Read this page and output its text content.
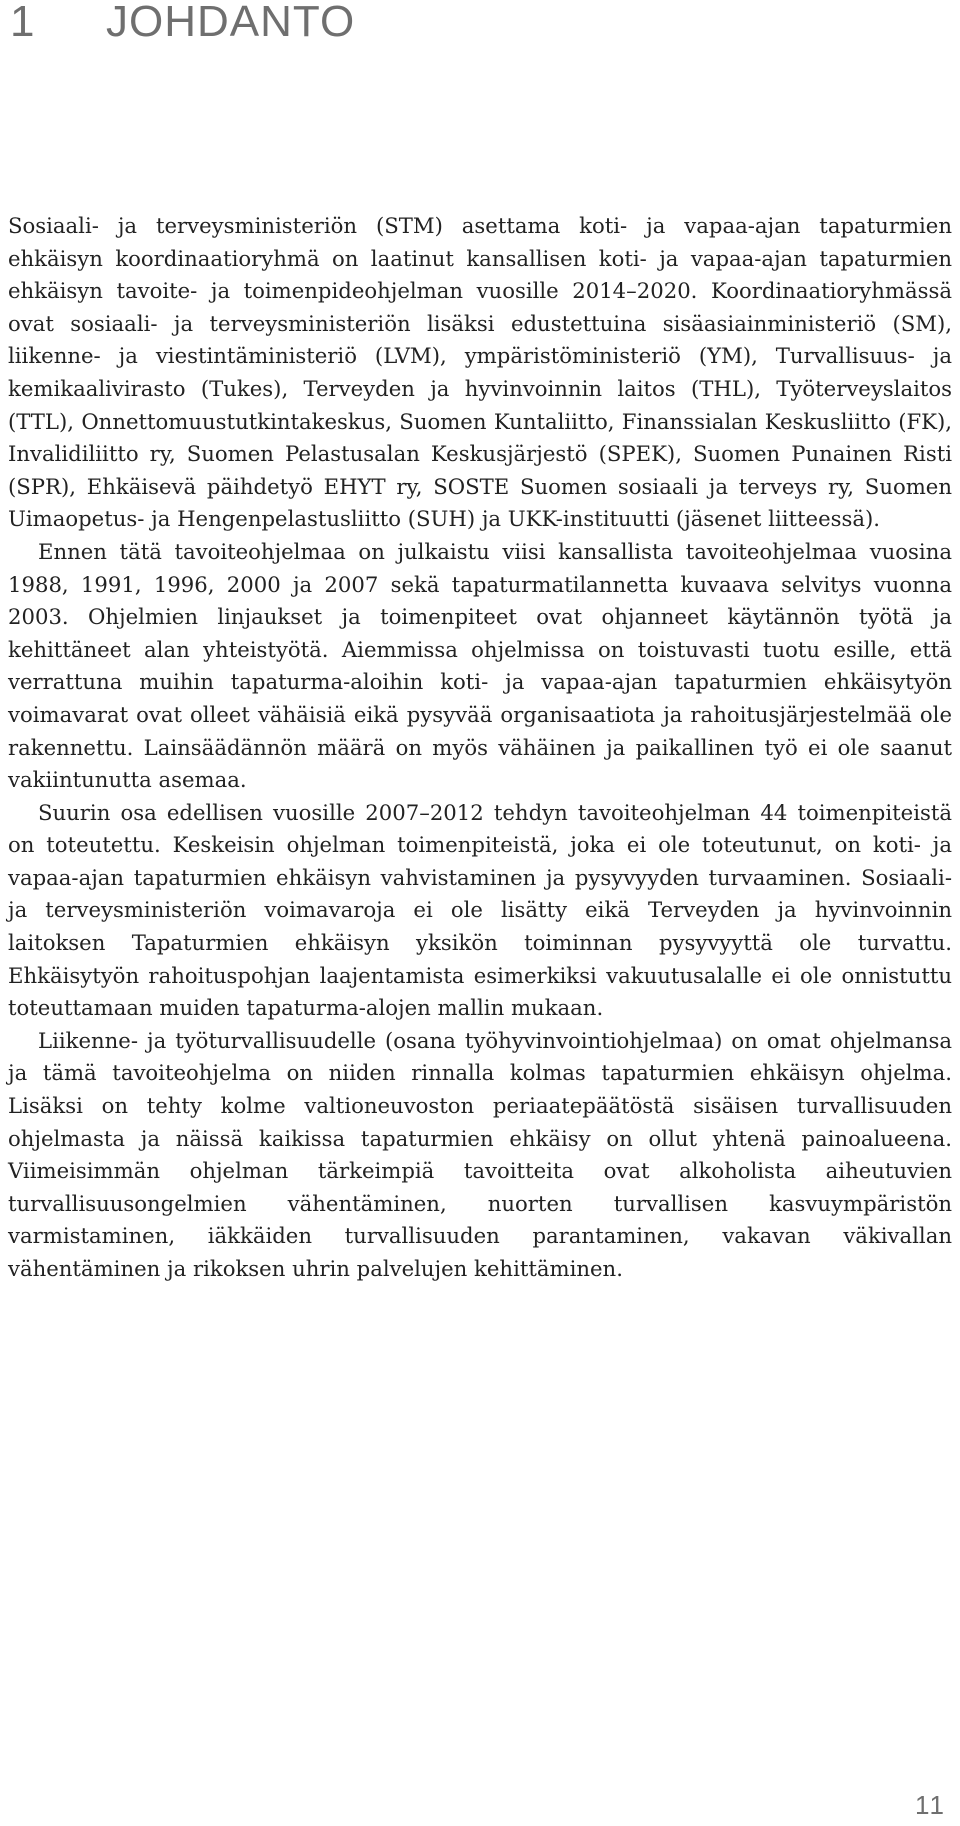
1 JOHDANTO

Sosiaali- ja terveysministeriön (STM) asettama koti- ja vapaa-ajan tapaturmien ehkäisyn koordinaatioryhmä on laatinut kansallisen koti- ja vapaa-ajan tapaturmien ehkäisyn tavoite- ja toimenpideohjelman vuosille 2014–2020. Koordinaatioryhmässä ovat sosiaali- ja terveysministeriön lisäksi edustettuina sisäasiainministeriö (SM), liikenne- ja viestintäministeriö (LVM), ympäristöministeriö (YM), Turvallisuus- ja kemikaalivirasto (Tukes), Terveyden ja hyvinvoinnin laitos (THL), Työterveyslaitos (TTL), Onnettomuustutkintakeskus, Suomen Kuntaliitto, Finanssialan Keskusliitto (FK), Invalidiliitto ry, Suomen Pelastusalan Keskusjärjestö (SPEK), Suomen Punainen Risti (SPR), Ehkäisevä päihdetyö EHYT ry, SOSTE Suomen sosiaali ja terveys ry, Suomen Uimaopetus- ja Hengenpelastusliitto (SUH) ja UKK-instituutti (jäsenet liitteessä).

Ennen tätä tavoiteohjelmaa on julkaistu viisi kansallista tavoiteohjelmaa vuosina 1988, 1991, 1996, 2000 ja 2007 sekä tapaturmatilannetta kuvaava selvitys vuonna 2003. Ohjelmien linjaukset ja toimenpiteet ovat ohjanneet käytännön työtä ja kehittäneet alan yhteistyötä. Aiemmissa ohjelmissa on toistuvasti tuotu esille, että verrattuna muihin tapaturma-aloihin koti- ja vapaa-ajan tapaturmien ehkäisytyön voimavarat ovat olleet vähäisiä eikä pysyvää organisaatiota ja rahoitusjärjestelmää ole rakennettu. Lainsäädännön määrä on myös vähäinen ja paikallinen työ ei ole saanut vakiintunutta asemaa.

Suurin osa edellisen vuosille 2007–2012 tehdyn tavoiteohjelman 44 toimenpiteistä on toteutettu. Keskeisin ohjelman toimenpiteistä, joka ei ole toteutunut, on koti- ja vapaa-ajan tapaturmien ehkäisyn vahvistaminen ja pysyvyyden turvaaminen. Sosiaali- ja terveysministeriön voimavaroja ei ole lisätty eikä Terveyden ja hyvinvoinnin laitoksen Tapaturmien ehkäisyn yksikön toiminnan pysyvyyttä ole turvattu. Ehkäisytyön rahoituspohjan laajentamista esimerkiksi vakuutusalalle ei ole onnistuttu toteuttamaan muiden tapaturma-alojen mallin mukaan.

Liikenne- ja työturvallisuudelle (osana työhyvinvointiohjelmaa) on omat ohjelmansa ja tämä tavoiteohjelma on niiden rinnalla kolmas tapaturmien ehkäisyn ohjelma. Lisäksi on tehty kolme valtioneuvoston periaatepäätöstä sisäisen turvallisuuden ohjelmasta ja näissä kaikissa tapaturmien ehkäisy on ollut yhtenä painoalueena. Viimeisimmän ohjelman tärkeimpiä tavoitteita ovat alkoholista aiheutuvien turvallisuusongelmien vähentäminen, nuorten turvallisen kasvuympäristön varmistaminen, iäkkäiden turvallisuuden parantaminen, vakavan väkivallan vähentäminen ja rikoksen uhrin palvelujen kehittäminen.

11
